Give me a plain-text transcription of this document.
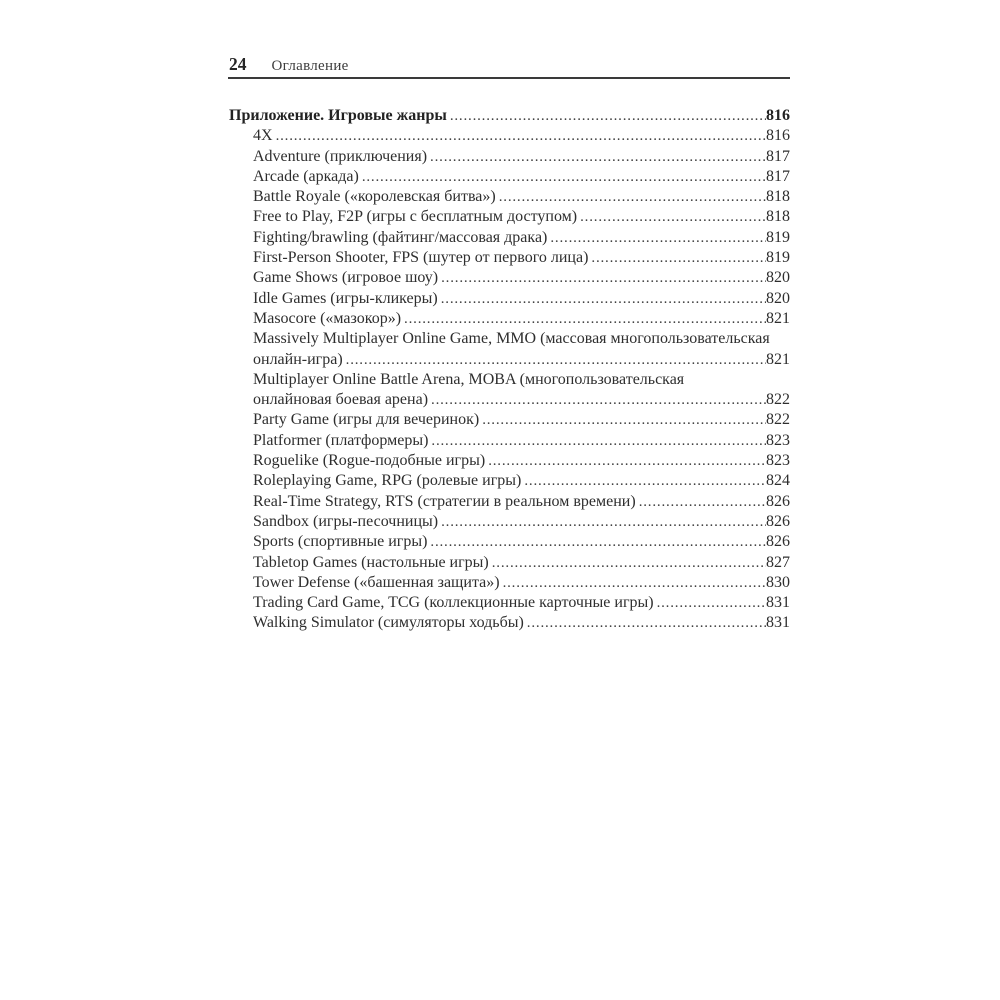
24 Оглавление
Приложение. Игровые жанры .....	816
4X .....	816
Adventure (приключения) .....	817
Arcade (аркада) .....	817
Battle Royale («королевская битва») .....	818
Free to Play, F2P (игры с бесплатным доступом) .....	818
Fighting/brawling (файтинг/массовая драка) .....	819
First-Person Shooter, FPS (шутер от первого лица) .....	819
Game Shows (игровое шоу) .....	820
Idle Games (игры-кликеры) .....	820
Masocore («мазокор») .....	821
Massively Multiplayer Online Game, MMO (массовая многопользовательская
онлайн-игра) .....	821
Multiplayer Online Battle Arena, MOBA (многопользовательская
онлайновая боевая арена) .....	822
Party Game (игры для вечеринок) .....	822
Platformer (платформеры) .....	823
Roguelike (Rogue-подобные игры) .....	823
Roleplaying Game, RPG (ролевые игры) .....	824
Real-Time Strategy, RTS (стратегии в реальном времени) .....	826
Sandbox (игры-песочницы) .....	826
Sports (спортивные игры) .....	826
Tabletop Games (настольные игры) .....	827
Tower Defense («башенная защита») .....	830
Trading Card Game, TCG (коллекционные карточные игры) .....	831
Walking Simulator (симуляторы ходьбы) .....	831
